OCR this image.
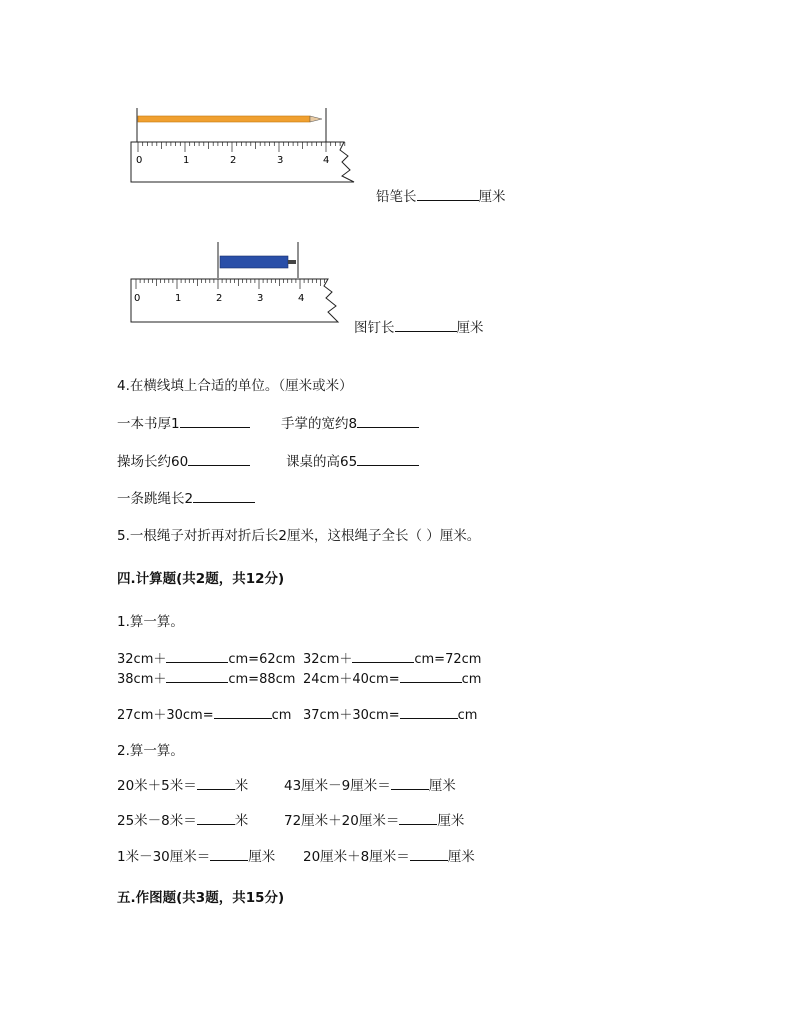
0	1	2	3	4
铅笔长	厘米
0	1	2	3	4
图钉长	厘米
4.在横线填上合适的单位。（厘米或米）
一本书厚1	手掌的宽约8
操场长约60	课桌的高65
一条跳绳长2
5.一根绳子对折再对折后长2厘米，这根绳子全长（ ）厘米。
四.计算题(共2题，共12分)
1.算一算。
32cm＋	cm=62cm 32cm＋	cm=72cm
38cm＋	cm=88cm 24cm＋40cm=	cm
27cm＋30cm=	cm 37cm＋30cm=	cm
2.算一算。
20米＋5米＝	米	43厘米－9厘米＝	厘米
25米－8米＝	米	72厘米＋20厘米＝	厘米
1米－30厘米＝	厘米 20厘米＋8厘米＝	厘米
五.作图题(共3题，共15分)
